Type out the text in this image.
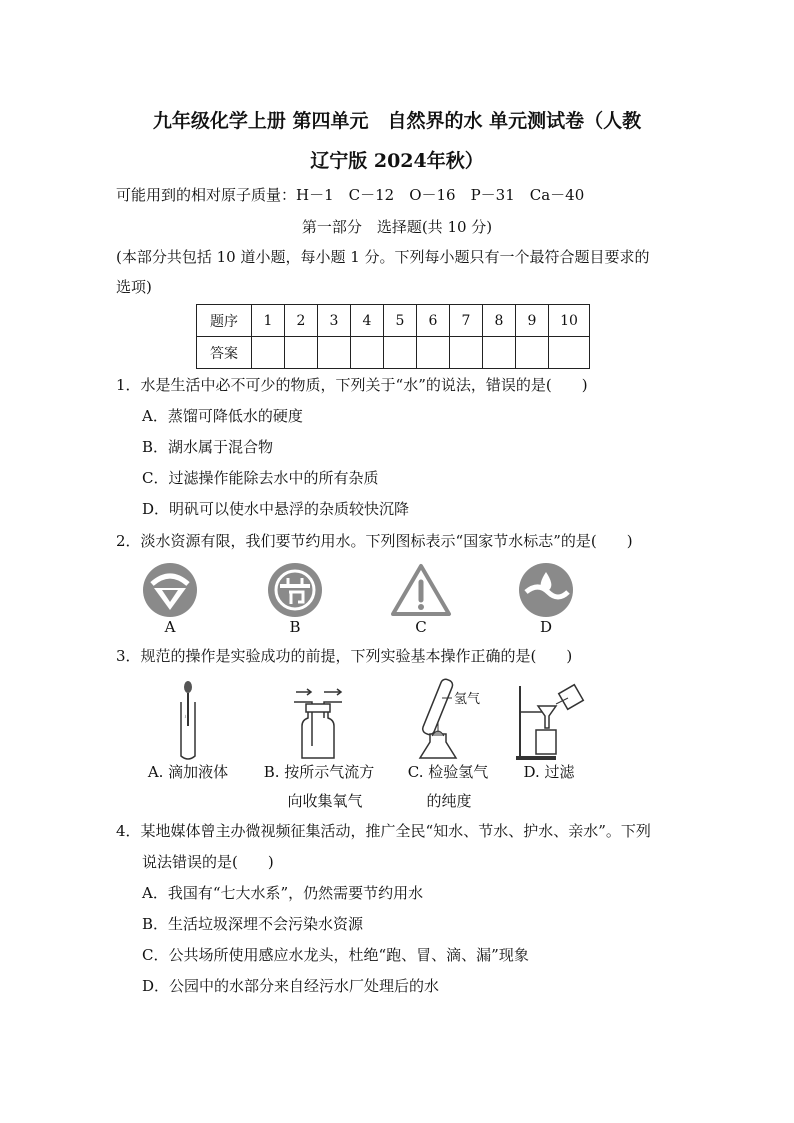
九年级化学上册 第四单元　自然界的水 单元测试卷（人教
辽宁版 2024年秋）
可能用到的相对原子质量：H－1　C－12　O－16　P－31　Ca－40
第一部分　选择题(共 10 分)
(本部分共包括 10 道小题，每小题 1 分。下列每小题只有一个最符合题目要求的
选项)
题序	1	2	3	4	5	6	7	8	9	10
答案										
1．水是生活中必不可少的物质，下列关于“水”的说法，错误的是(　　)
A．蒸馏可降低水的硬度
B．湖水属于混合物
C．过滤操作能除去水中的所有杂质
D．明矾可以使水中悬浮的杂质较快沉降
2．淡水资源有限，我们要节约用水。下列图标表示“国家节水标志”的是(　　)
A	B	C	D
3．规范的操作是实验成功的前提，下列实验基本操作正确的是(　　)
ꜜꜜ
氢气
A. 滴加液体	B. 按所示气流方
向收集氧气
C. 检验氢气
的纯度
D. 过滤
4．某地媒体曾主办微视频征集活动，推广全民“知水、节水、护水、亲水”。下列
说法错误的是(　　)
A．我国有“七大水系”，仍然需要节约用水
B．生活垃圾深埋不会污染水资源
C．公共场所使用感应水龙头，杜绝“跑、冒、滴、漏”现象
D．公园中的水部分来自经污水厂处理后的水
